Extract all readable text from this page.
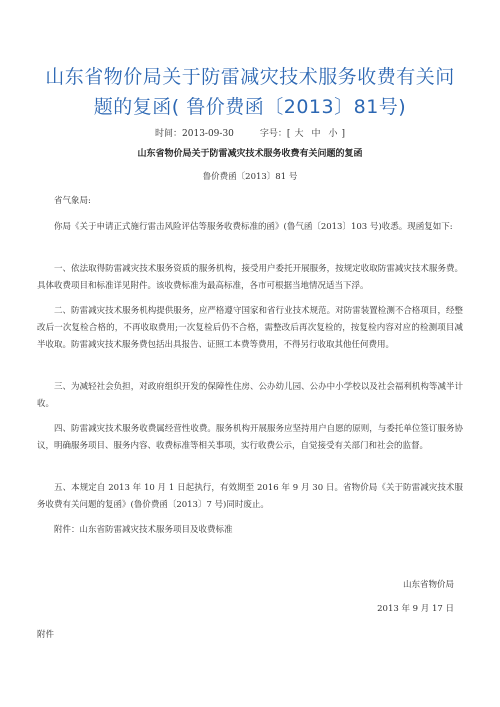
山东省物价局关于防雷减灾技术服务收费有关问题的复函( 鲁价费函〔2013〕81号)
时间：2013-09-30	字号：[ 大 中 小 ]
山东省物价局关于防雷减灾技术服务收费有关问题的复函
鲁价费函〔2013〕81 号
省气象局:
你局《关于申请正式施行雷击风险评估等服务收费标准的函》(鲁气函〔2013〕103 号)收悉。现函复如下:
一、依法取得防雷减灾技术服务资质的服务机构，接受用户委托开展服务，按规定收取防雷减灾技术服务费。具体收费项目和标准详见附件。该收费标准为最高标准，各市可根据当地情况适当下浮。
二、防雷减灾技术服务机构提供服务，应严格遵守国家和省行业技术规范。对防雷装置检测不合格项目，经整改后一次复检合格的，不再收取费用;一次复检后仍不合格，需整改后再次复检的，按复检内容对应的检测项目减半收取。防雷减灾技术服务费包括出具报告、证照工本费等费用，不得另行收取其他任何费用。
三、为减轻社会负担，对政府组织开发的保障性住房、公办幼儿园、公办中小学校以及社会福利机构等减半计收。
四、防雷减灾技术服务收费属经营性收费。服务机构开展服务应坚持用户自愿的原则，与委托单位签订服务协议，明确服务项目、服务内容、收费标准等相关事项，实行收费公示，自觉接受有关部门和社会的监督。
五、本规定自 2013 年 10 月 1 日起执行，有效期至 2016 年 9 月 30 日。省物价局《关于防雷减灾技术服务收费有关问题的复函》(鲁价费函〔2013〕7 号)同时废止。
附件：山东省防雷减灾技术服务项目及收费标准
山东省物价局
2013 年 9 月 17 日
附件
